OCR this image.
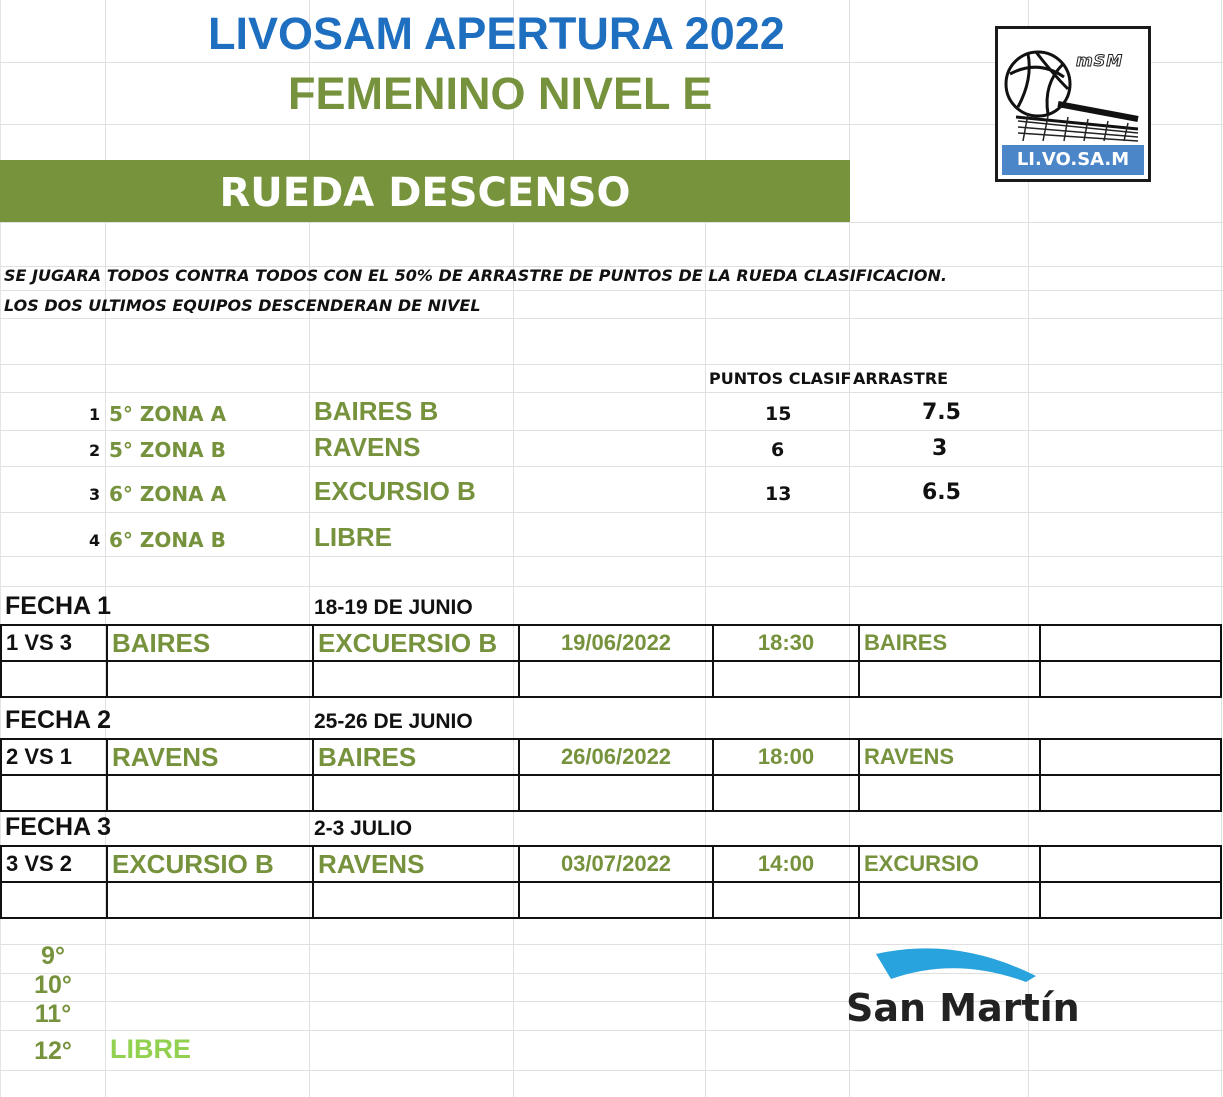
LIVOSAM APERTURA 2022
FEMENINO NIVEL E
mSM
LI.VO.SA.M
RUEDA DESCENSO
SE JUGARA TODOS CONTRA TODOS CON EL 50% DE ARRASTRE DE PUNTOS DE LA RUEDA CLASIFICACION.
LOS DOS ULTIMOS EQUIPOS DESCENDERAN DE NIVEL
PUNTOS CLASIF ARRASTRE
1 5° ZONA A	BAIRES B	15	7.5
2 5° ZONA B	RAVENS	6	3
3 6° ZONA A	EXCURSIO B	13	6.5
4 6° ZONA B	LIBRE
FECHA 1	18-19 DE JUNIO
1 VS 3	BAIRES	EXCUERSIO B	19/06/2022	18:30	BAIRES	

FECHA 2	25-26 DE JUNIO
2 VS 1	RAVENS	BAIRES	26/06/2022	18:00	RAVENS	

FECHA 3	2-3 JULIO
3 VS 2	EXCURSIO B	RAVENS	03/07/2022	14:00	EXCURSIO	

9°
10°
11°
12°	LIBRE
San Martín
